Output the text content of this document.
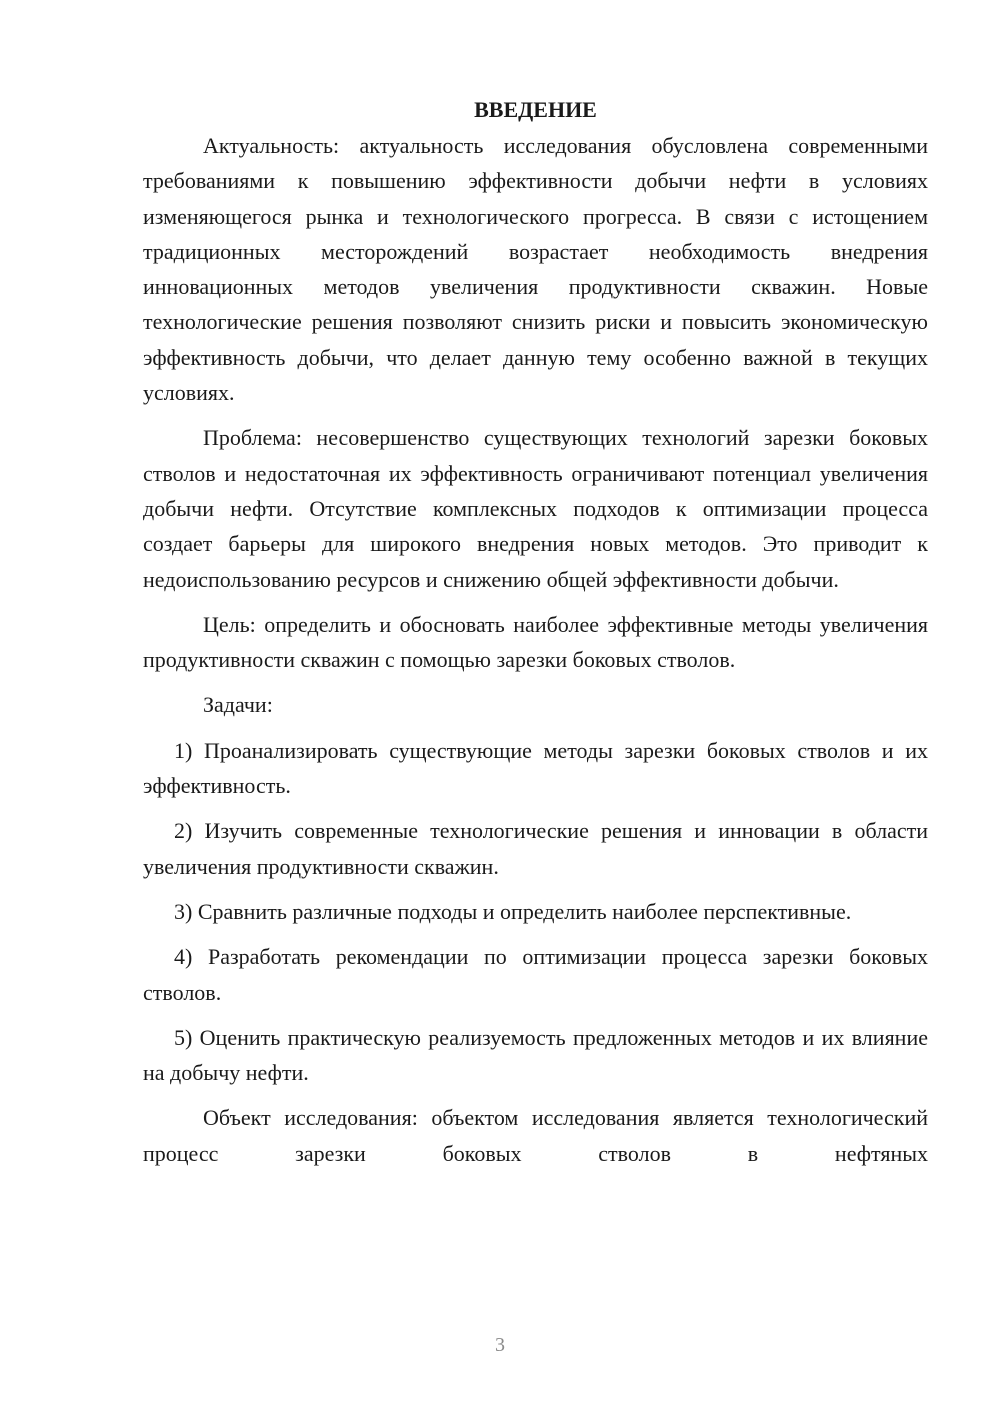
ВВЕДЕНИЕ

Актуальность: актуальность исследования обусловлена современными требованиями к повышению эффективности добычи нефти в условиях изменяющегося рынка и технологического прогресса. В связи с истощением традиционных месторождений возрастает необходимость внедрения инновационных методов увеличения продуктивности скважин. Новые технологические решения позволяют снизить риски и повысить экономическую эффективность добычи, что делает данную тему особенно важной в текущих условиях.

Проблема: несовершенство существующих технологий зарезки боковых стволов и недостаточная их эффективность ограничивают потенциал увеличения добычи нефти. Отсутствие комплексных подходов к оптимизации процесса создает барьеры для широкого внедрения новых методов. Это приводит к недоиспользованию ресурсов и снижению общей эффективности добычи.

Цель: определить и обосновать наиболее эффективные методы увеличения продуктивности скважин с помощью зарезки боковых стволов.

Задачи:

1) Проанализировать существующие методы зарезки боковых стволов и их эффективность.

2) Изучить современные технологические решения и инновации в области увеличения продуктивности скважин.

3) Сравнить различные подходы и определить наиболее перспективные.

4) Разработать рекомендации по оптимизации процесса зарезки боковых стволов.

5) Оценить практическую реализуемость предложенных методов и их влияние на добычу нефти.

Объект исследования: объектом исследования является технологический процесс зарезки боковых стволов в нефтяных

3
